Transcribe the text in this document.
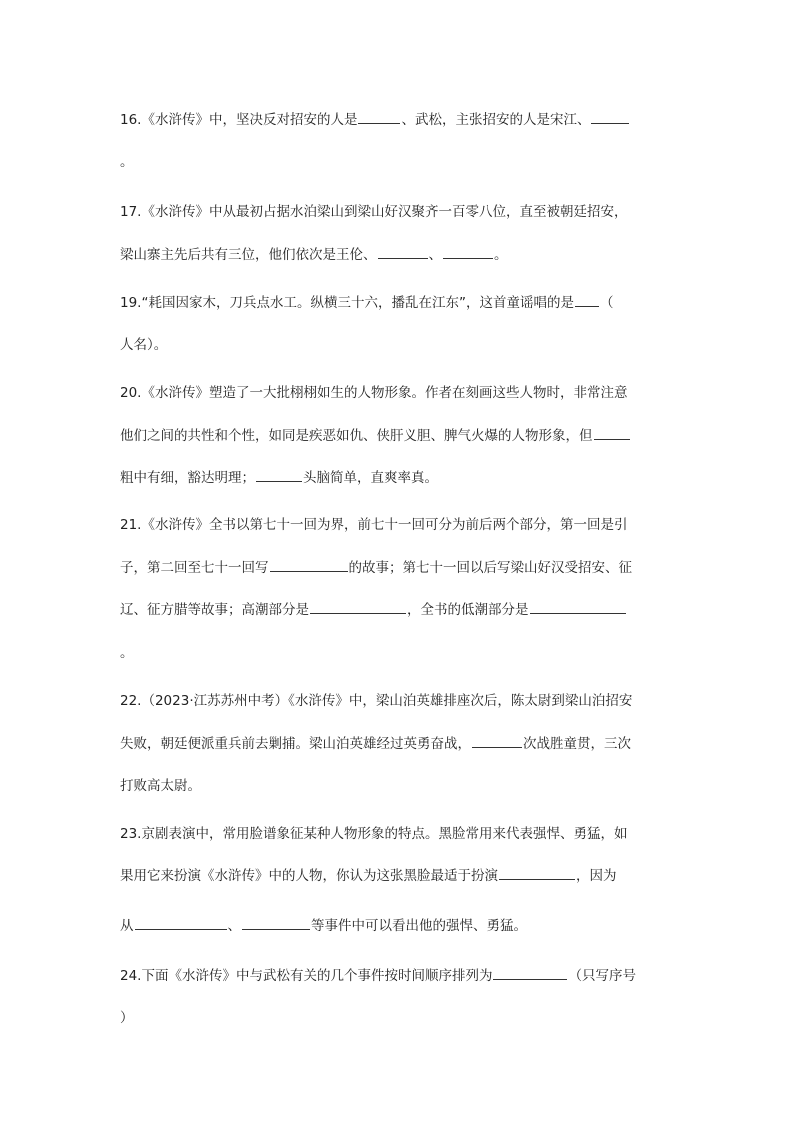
16.《水浒传》中，坚决反对招安的人是	、武松，主张招安的人是宋江、
。
17.《水浒传》中从最初占据水泊梁山到梁山好汉聚齐一百零八位，直至被朝廷招安，
梁山寨主先后共有三位，他们依次是王伦、	、	。
19.“耗国因家木，刀兵点水工。纵横三十六，播乱在江东”，这首童谣唱的是 （
人名）。
20.《水浒传》塑造了一大批栩栩如生的人物形象。作者在刻画这些人物时，非常注意
他们之间的共性和个性，如同是疾恶如仇、侠肝义胆、脾气火爆的人物形象，但
粗中有细，豁达明理；	头脑简单，直爽率真。
21.《水浒传》全书以第七十一回为界，前七十一回可分为前后两个部分，第一回是引
子，第二回至七十一回写	的故事；第七十一回以后写梁山好汉受招安、征
辽、征方腊等故事；高潮部分是	，全书的低潮部分是
。
22.（2023·江苏苏州中考）《水浒传》中，梁山泊英雄排座次后，陈太尉到梁山泊招安
失败，朝廷便派重兵前去剿捕。梁山泊英雄经过英勇奋战，	次战胜童贯，三次
打败高太尉。
23.京剧表演中，常用脸谱象征某种人物形象的特点。黑脸常用来代表强悍、勇猛，如
果用它来扮演《水浒传》中的人物，你认为这张黑脸最适于扮演	，因为
从	、	等事件中可以看出他的强悍、勇猛。
24.下面《水浒传》中与武松有关的几个事件按时间顺序排列为	（只写序号
）
